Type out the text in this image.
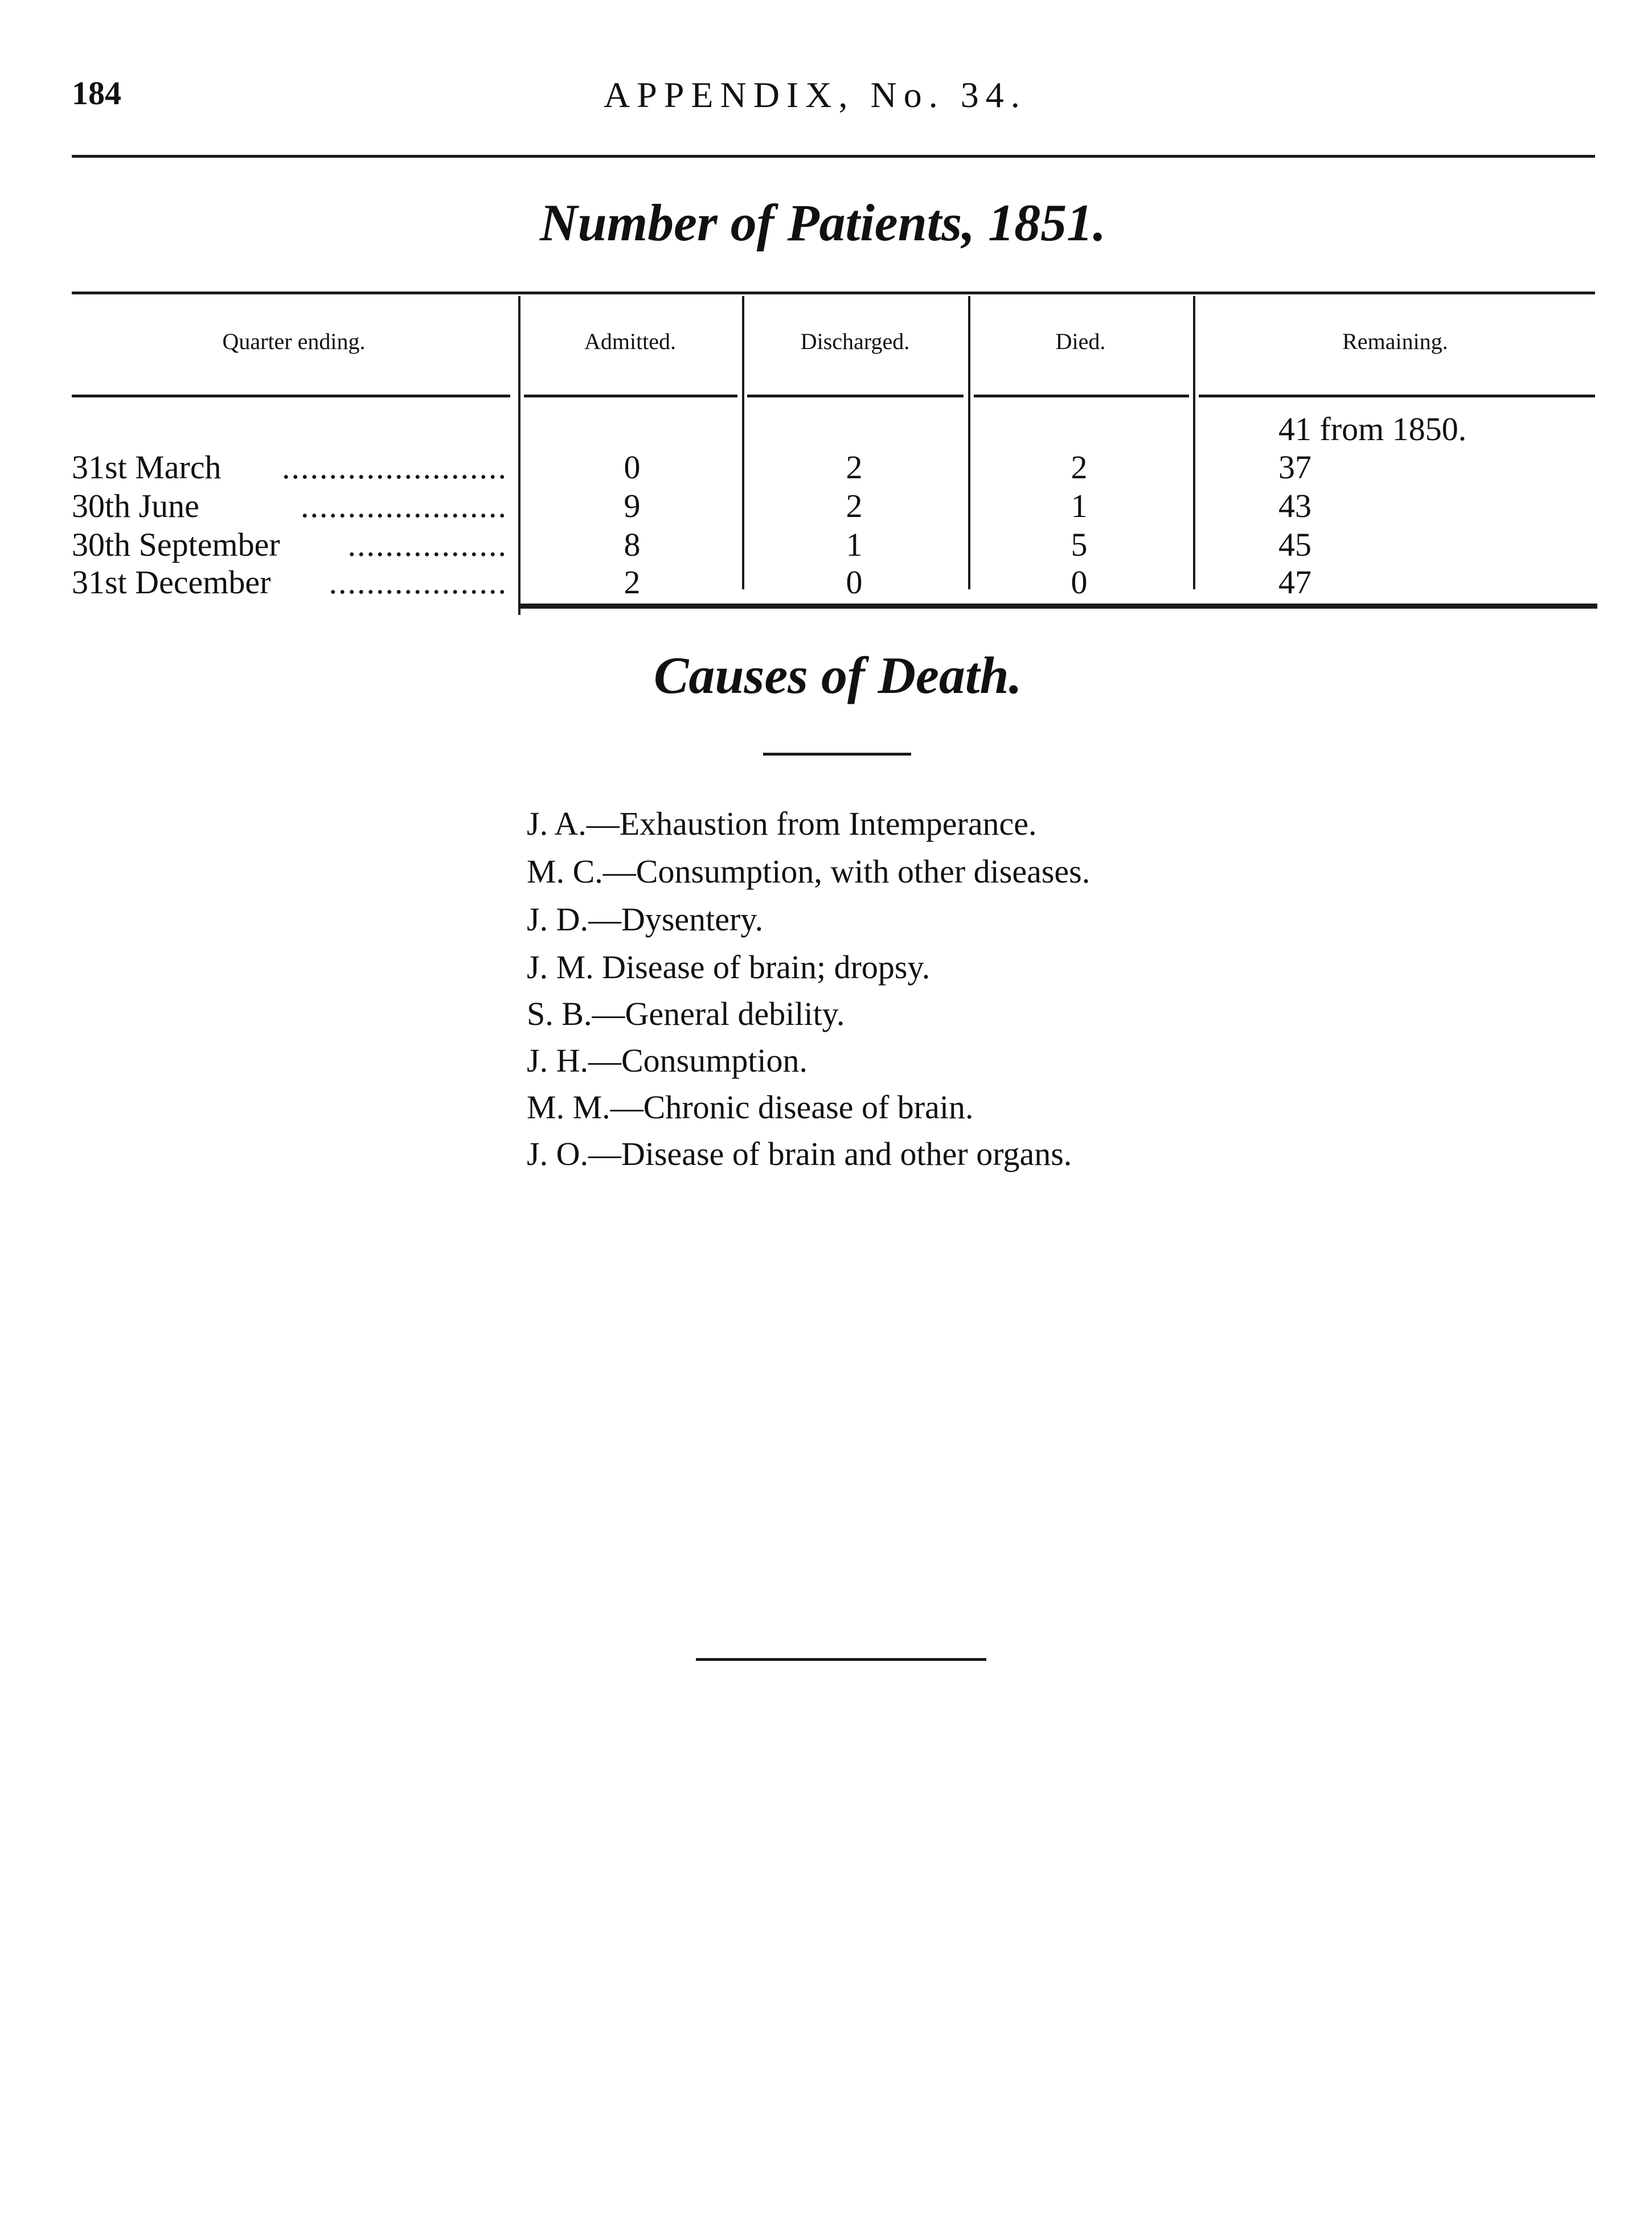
184	APPENDIX, No. 34.
Number of Patients, 1851.
Quarter ending.	Admitted.	Discharged.	Died.	Remaining.
41 from 1850.
31st March ........................	0	2	2	37
30th June	......................	9	2	1	43
30th September .................	8	1	5	45
31st December ...................	2	0	0	47
Causes of Death.
J. A.—Exhaustion from Intemperance.
M. C.—Consumption, with other diseases.
J. D.—Dysentery.
J. M. Disease of brain; dropsy.
S. B.—General debility.
J. H.—Consumption.
M. M.—Chronic disease of brain.
J. O.—Disease of brain and other organs.
